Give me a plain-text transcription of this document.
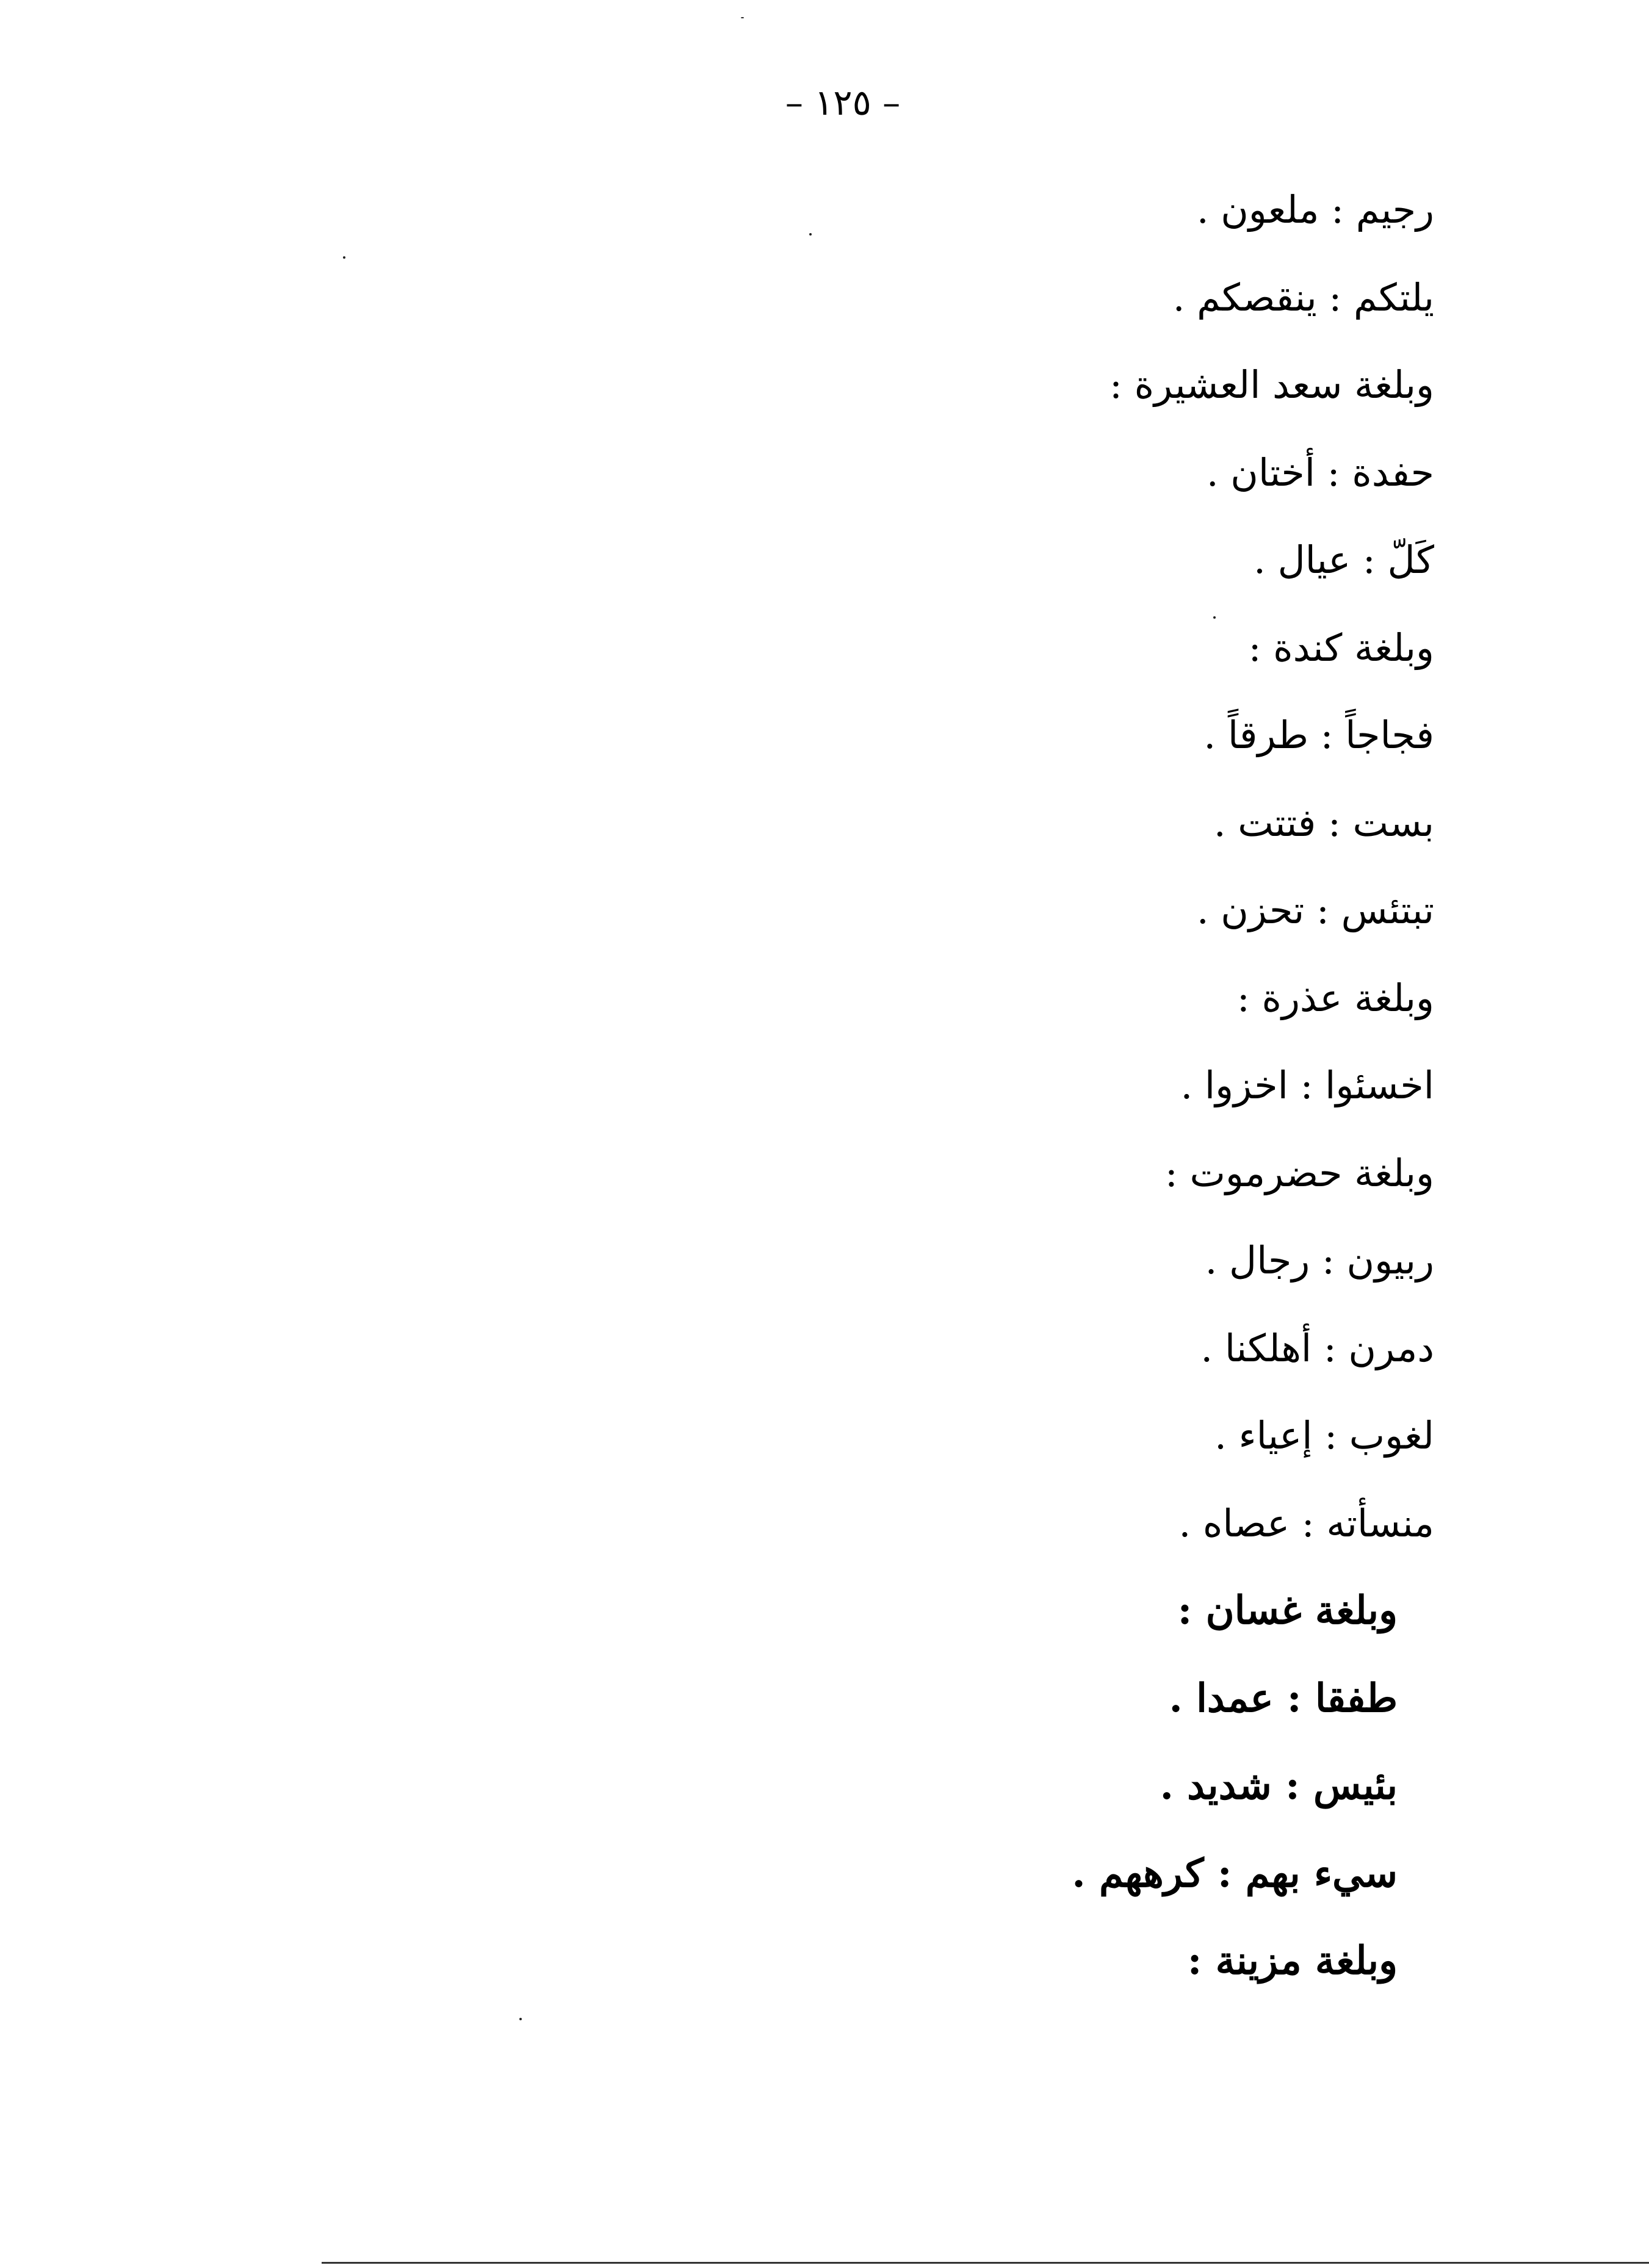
– ١٢٥ –
رجيم : ملعون .
يلتكم : ينقصكم .
وبلغة سعد العشيرة :
حفدة : أختان .
كَلّ : عيال .
وبلغة كندة :
فجاجاً : طرقاً .
بست : فتتت .
تبتئس : تحزن .
وبلغة عذرة :
اخسئوا : اخزوا .
وبلغة حضرموت :
ربيون : رجال .
دمرن : أهلكنا .
لغوب : إعياء .
منسأته : عصاه .
وبلغة غسان :
طفقا : عمدا .
بئيس : شديد .
سيء بهم : كرههم .
وبلغة مزينة :
